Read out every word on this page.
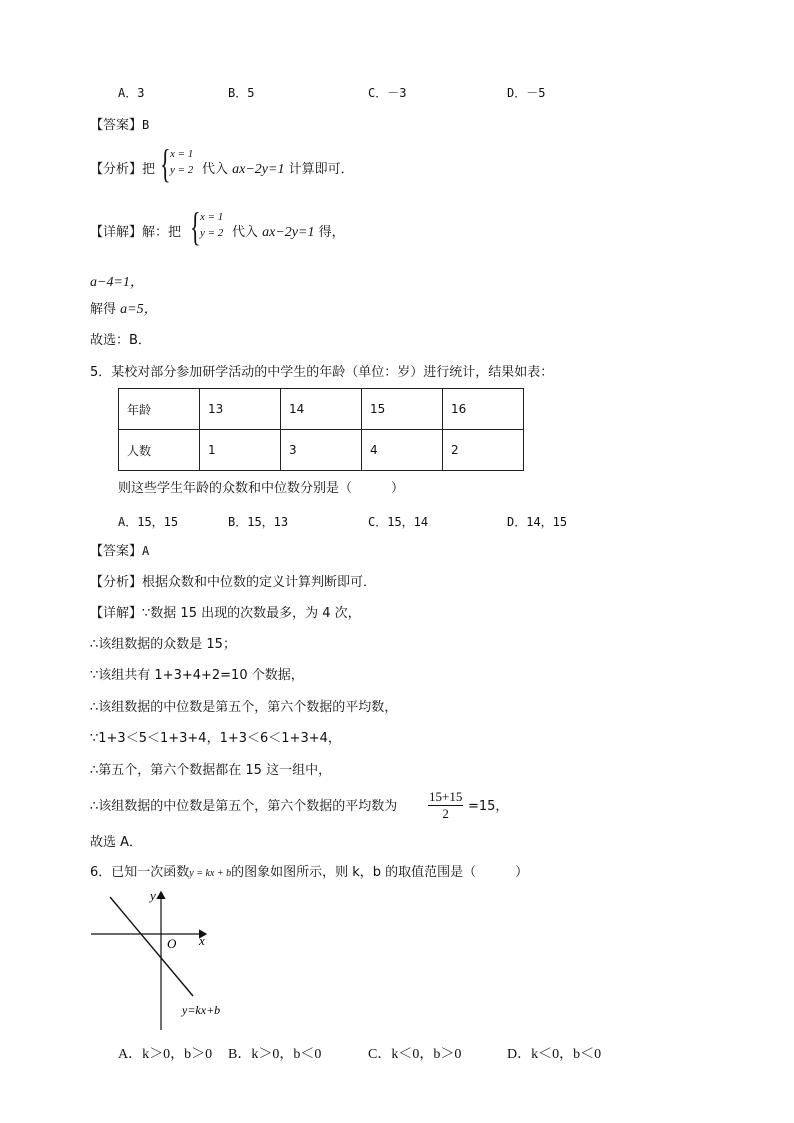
A．3	B．5	C．－3	D．－5
【答案】B
【分析】把 { x = 1
y = 2 代入 ax−2y=1 计算即可．
【详解】解：把 { x = 1
y = 2 代入 ax−2y=1 得，
a−4=1，
解得 a=5，
故选：B．
5．某校对部分参加研学活动的中学生的年龄（单位：岁）进行统计，结果如表：
年龄	13	14	15	16
人数	1	3	4	2
则这些学生年龄的众数和中位数分别是（　　　）
A．15，15	B．15，13	C．15，14	D．14，15
【答案】A
【分析】根据众数和中位数的定义计算判断即可．
【详解】∵数据 15 出现的次数最多，为 4 次，
∴该组数据的众数是 15；
∵该组共有 1+3+4+2=10 个数据，
∴该组数据的中位数是第五个，第六个数据的平均数，
∵1+3＜5＜1+3+4，1+3＜6＜1+3+4，
∴第五个，第六个数据都在 15 这一组中，
∴该组数据的中位数是第五个，第六个数据的平均数为 $\frac{15+15}{2} =15$，
故选 A．
6．已知一次函数y = kx + b的图象如图所示，则 k，b 的取值范围是（　　　）
y
x
O
y=kx+b
A．k＞0，b＞0 B．k＞0，b＜0	C．k＜0，b＞0	D．k＜0，b＜0
